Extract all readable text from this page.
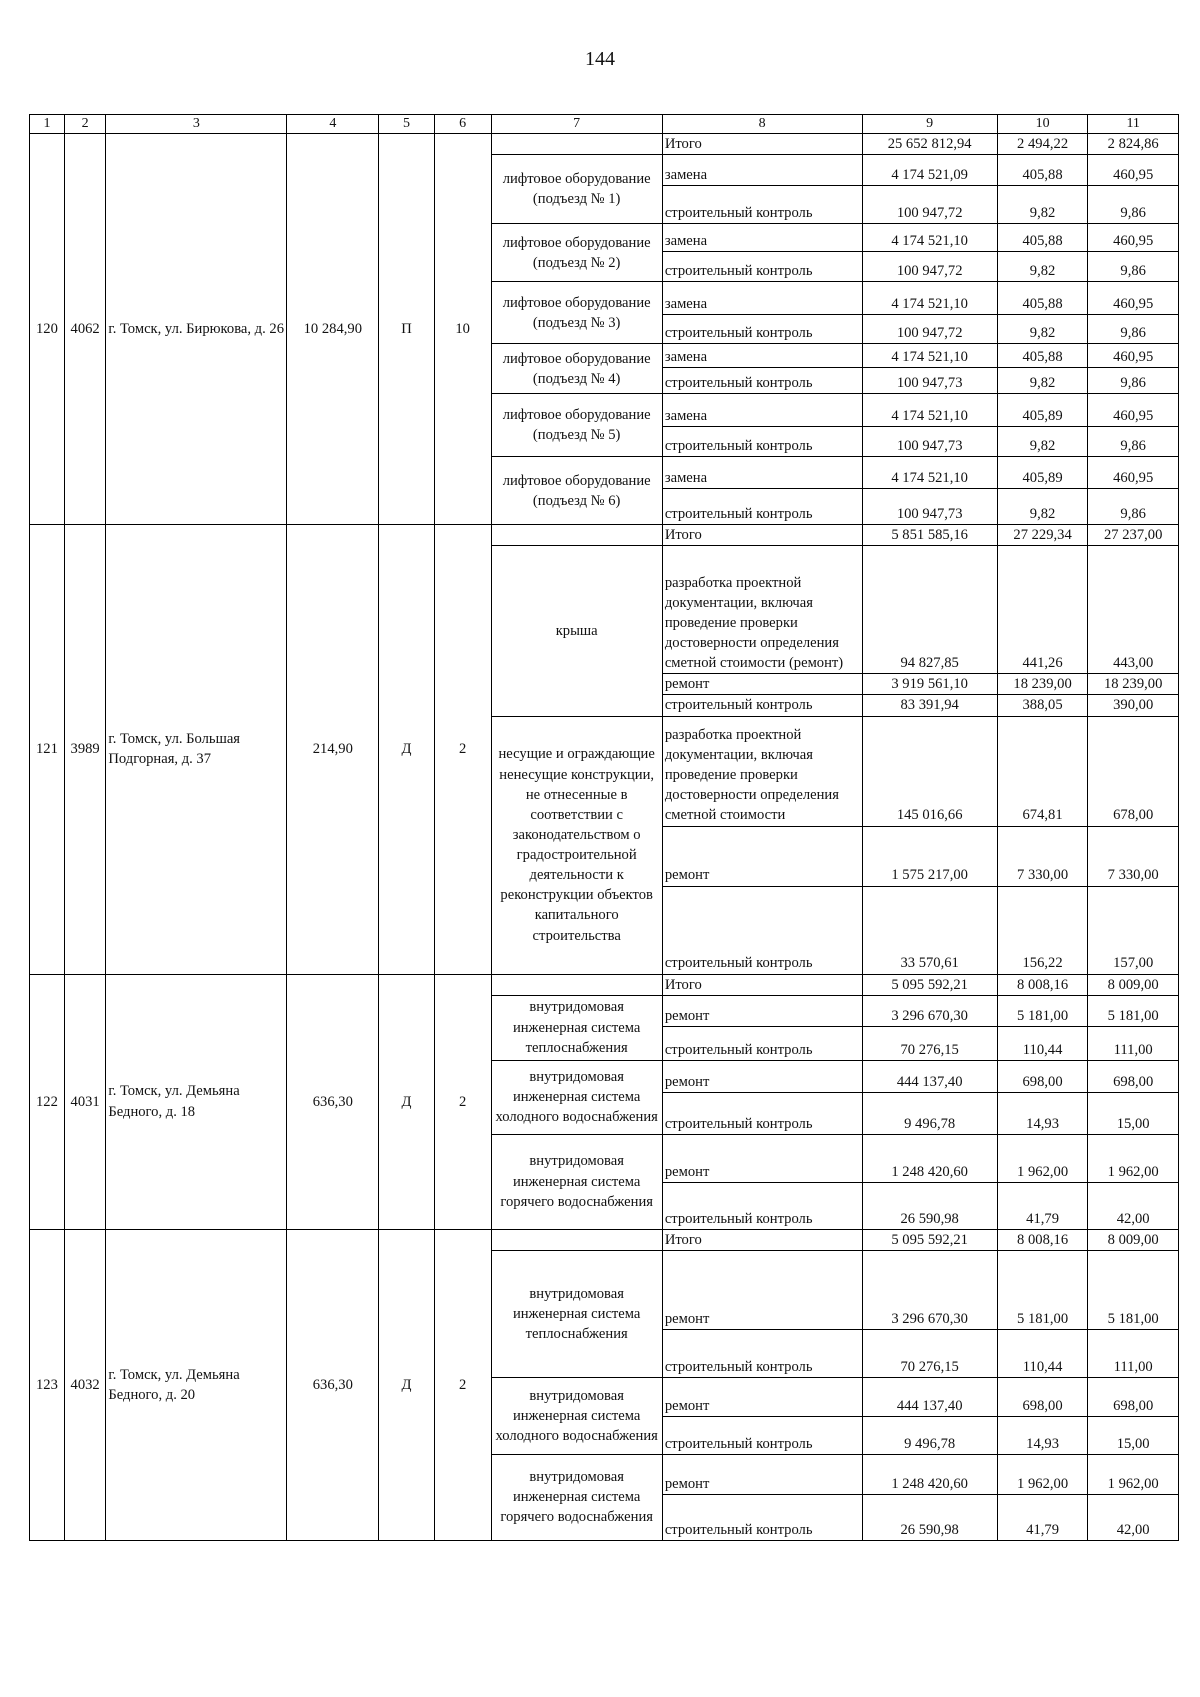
144
1	2	3	4	5	6	7	8	9	10	11
120	4062	г. Томск, ул. Бирюкова, д. 26	10 284,90	П	10		Итого	25 652 812,94	2 494,22	2 824,86
						лифтовое оборудование (подъезд № 1)	замена	4 174 521,09	405,88	460,95
							строительный контроль	100 947,72	9,82	9,86
						лифтовое оборудование (подъезд № 2)	замена	4 174 521,10	405,88	460,95
							строительный контроль	100 947,72	9,82	9,86
						лифтовое оборудование (подъезд № 3)	замена	4 174 521,10	405,88	460,95
							строительный контроль	100 947,72	9,82	9,86
						лифтовое оборудование (подъезд № 4)	замена	4 174 521,10	405,88	460,95
							строительный контроль	100 947,73	9,82	9,86
						лифтовое оборудование (подъезд № 5)	замена	4 174 521,10	405,89	460,95
							строительный контроль	100 947,73	9,82	9,86
						лифтовое оборудование (подъезд № 6)	замена	4 174 521,10	405,89	460,95
							строительный контроль	100 947,73	9,82	9,86
121	3989	г. Томск, ул. Большая Подгорная, д. 37	214,90	Д	2		Итого	5 851 585,16	27 229,34	27 237,00
						крыша	разработка проектной документации, включая проведение проверки достоверности определения сметной стоимости (ремонт)	94 827,85	441,26	443,00
							ремонт	3 919 561,10	18 239,00	18 239,00
							строительный контроль	83 391,94	388,05	390,00
						несущие и ограждающие ненесущие конструкции, не отнесенные в соответствии с законодательством о градостроительной деятельности к реконструкции объектов капитального строительства	разработка проектной документации, включая проведение проверки достоверности определения сметной стоимости	145 016,66	674,81	678,00
							ремонт	1 575 217,00	7 330,00	7 330,00
							строительный контроль	33 570,61	156,22	157,00
122	4031	г. Томск, ул. Демьяна Бедного, д. 18	636,30	Д	2		Итого	5 095 592,21	8 008,16	8 009,00
						внутридомовая инженерная система теплоснабжения	ремонт	3 296 670,30	5 181,00	5 181,00
							строительный контроль	70 276,15	110,44	111,00
						внутридомовая инженерная система холодного водоснабжения	ремонт	444 137,40	698,00	698,00
							строительный контроль	9 496,78	14,93	15,00
						внутридомовая инженерная система горячего водоснабжения	ремонт	1 248 420,60	1 962,00	1 962,00
							строительный контроль	26 590,98	41,79	42,00
123	4032	г. Томск, ул. Демьяна Бедного, д. 20	636,30	Д	2		Итого	5 095 592,21	8 008,16	8 009,00
						внутридомовая инженерная система теплоснабжения	ремонт	3 296 670,30	5 181,00	5 181,00
							строительный контроль	70 276,15	110,44	111,00
						внутридомовая инженерная система холодного водоснабжения	ремонт	444 137,40	698,00	698,00
							строительный контроль	9 496,78	14,93	15,00
						внутридомовая инженерная система горячего водоснабжения	ремонт	1 248 420,60	1 962,00	1 962,00
							строительный контроль	26 590,98	41,79	42,00
